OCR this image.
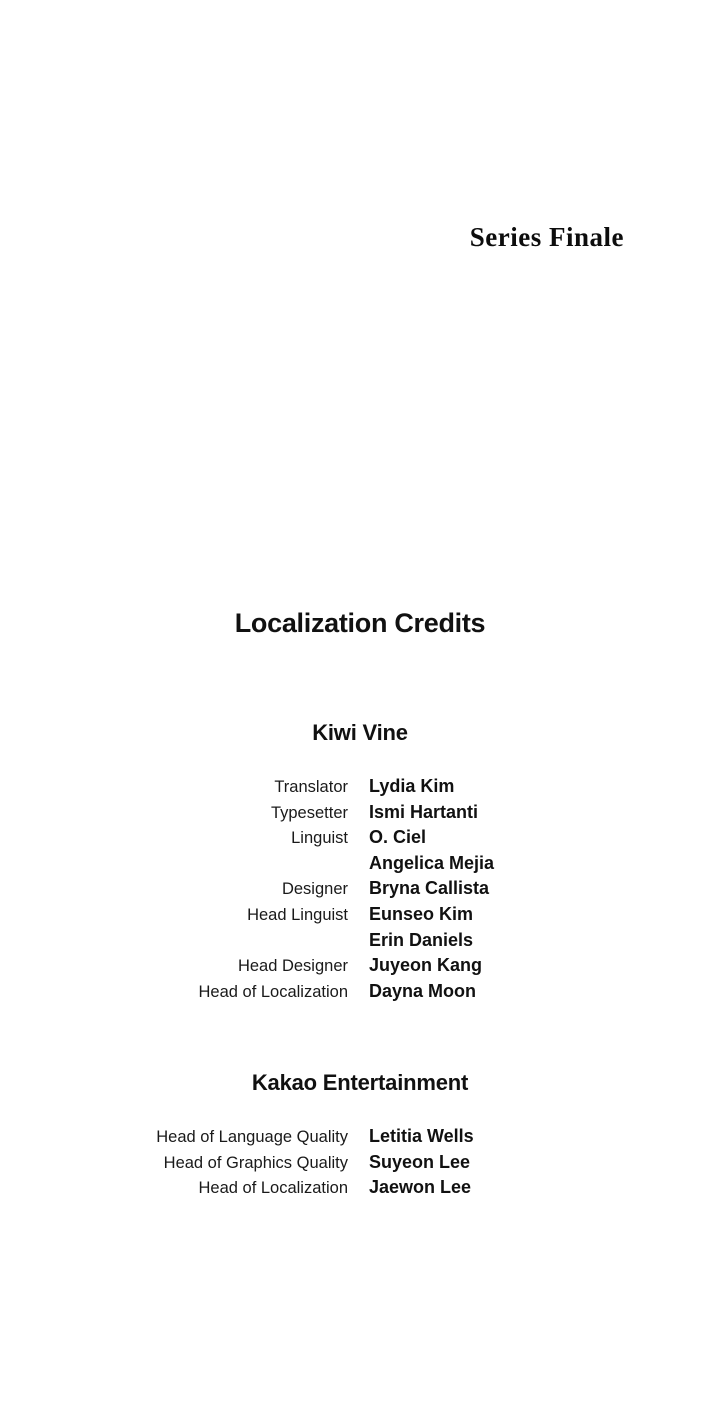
Series Finale
Localization Credits
Kiwi Vine
Translator Lydia Kim
Typesetter Ismi Hartanti
Linguist O. Ciel
Angelica Mejia
Designer Bryna Callista
Head Linguist Eunseo Kim
Erin Daniels
Head Designer Juyeon Kang
Head of Localization Dayna Moon
Kakao Entertainment
Head of Language Quality Letitia Wells
Head of Graphics Quality Suyeon Lee
Head of Localization Jaewon Lee
